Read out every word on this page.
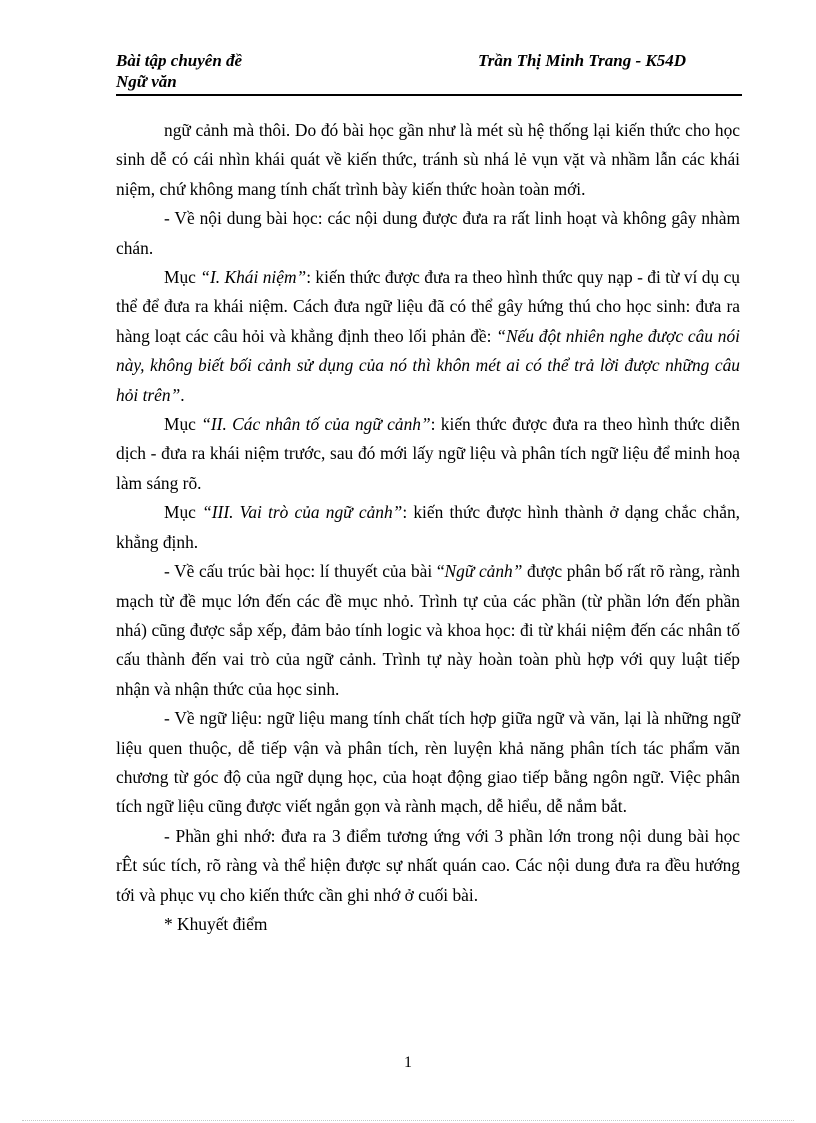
Bài tập chuyên đề
Ngữ văn
Trần Thị Minh Trang - K54D

ngữ cảnh mà thôi. Do đó bài học gần như là mét sù hệ thống lại kiến thức cho học sinh dễ có cái nhìn khái quát về kiến thức, tránh sù nhá lẻ vụn vặt và nhầm lẫn các khái niệm, chứ không mang tính chất trình bày kiến thức hoàn toàn mới.

- Về nội dung bài học: các nội dung được đưa ra rất linh hoạt và không gây nhàm chán.

Mục “I. Khái niệm”: kiến thức được đưa ra theo hình thức quy nạp - đi từ ví dụ cụ thể để đưa ra khái niệm. Cách đưa ngữ liệu đã có thể gây hứng thú cho học sinh: đưa ra hàng loạt các câu hỏi và khẳng định theo lối phản đề: “Nếu đột nhiên nghe được câu nói này, không biết bối cảnh sử dụng của nó thì khôn mét ai có thể trả lời được những câu hỏi trên”.

Mục “II. Các nhân tố của ngữ cảnh”: kiến thức được đưa ra theo hình thức diễn dịch - đưa ra khái niệm trước, sau đó mới lấy ngữ liệu và phân tích ngữ liệu để minh hoạ làm sáng rõ.

Mục “III. Vai trò của ngữ cảnh”: kiến thức được hình thành ở dạng chắc chắn, khẳng định.

- Về cấu trúc bài học: lí thuyết của bài “Ngữ cảnh” được phân bố rất rõ ràng, rành mạch từ đề mục lớn đến các đề mục nhỏ. Trình tự của các phần (từ phần lớn đến phần nhá) cũng được sắp xếp, đảm bảo tính logic và khoa học: đi từ khái niệm đến các nhân tố cấu thành đến vai trò của ngữ cảnh. Trình tự này hoàn toàn phù hợp với quy luật tiếp nhận và nhận thức của học sinh.

- Về ngữ liệu: ngữ liệu mang tính chất tích hợp giữa ngữ và văn, lại là những ngữ liệu quen thuộc, dễ tiếp vận và phân tích, rèn luyện khả năng phân tích tác phẩm văn chương từ góc độ của ngữ dụng học, của hoạt động giao tiếp bằng ngôn ngữ. Việc phân tích ngữ liệu cũng được viết ngắn gọn và rành mạch, dễ hiểu, dễ nắm bắt.

- Phần ghi nhớ: đưa ra 3 điểm tương ứng với 3 phần lớn trong nội dung bài học rÊt súc tích, rõ ràng và thể hiện được sự nhất quán cao. Các nội dung đưa ra đều hướng tới và phục vụ cho kiến thức cần ghi nhớ ở cuối bài.

* Khuyết điểm

1
